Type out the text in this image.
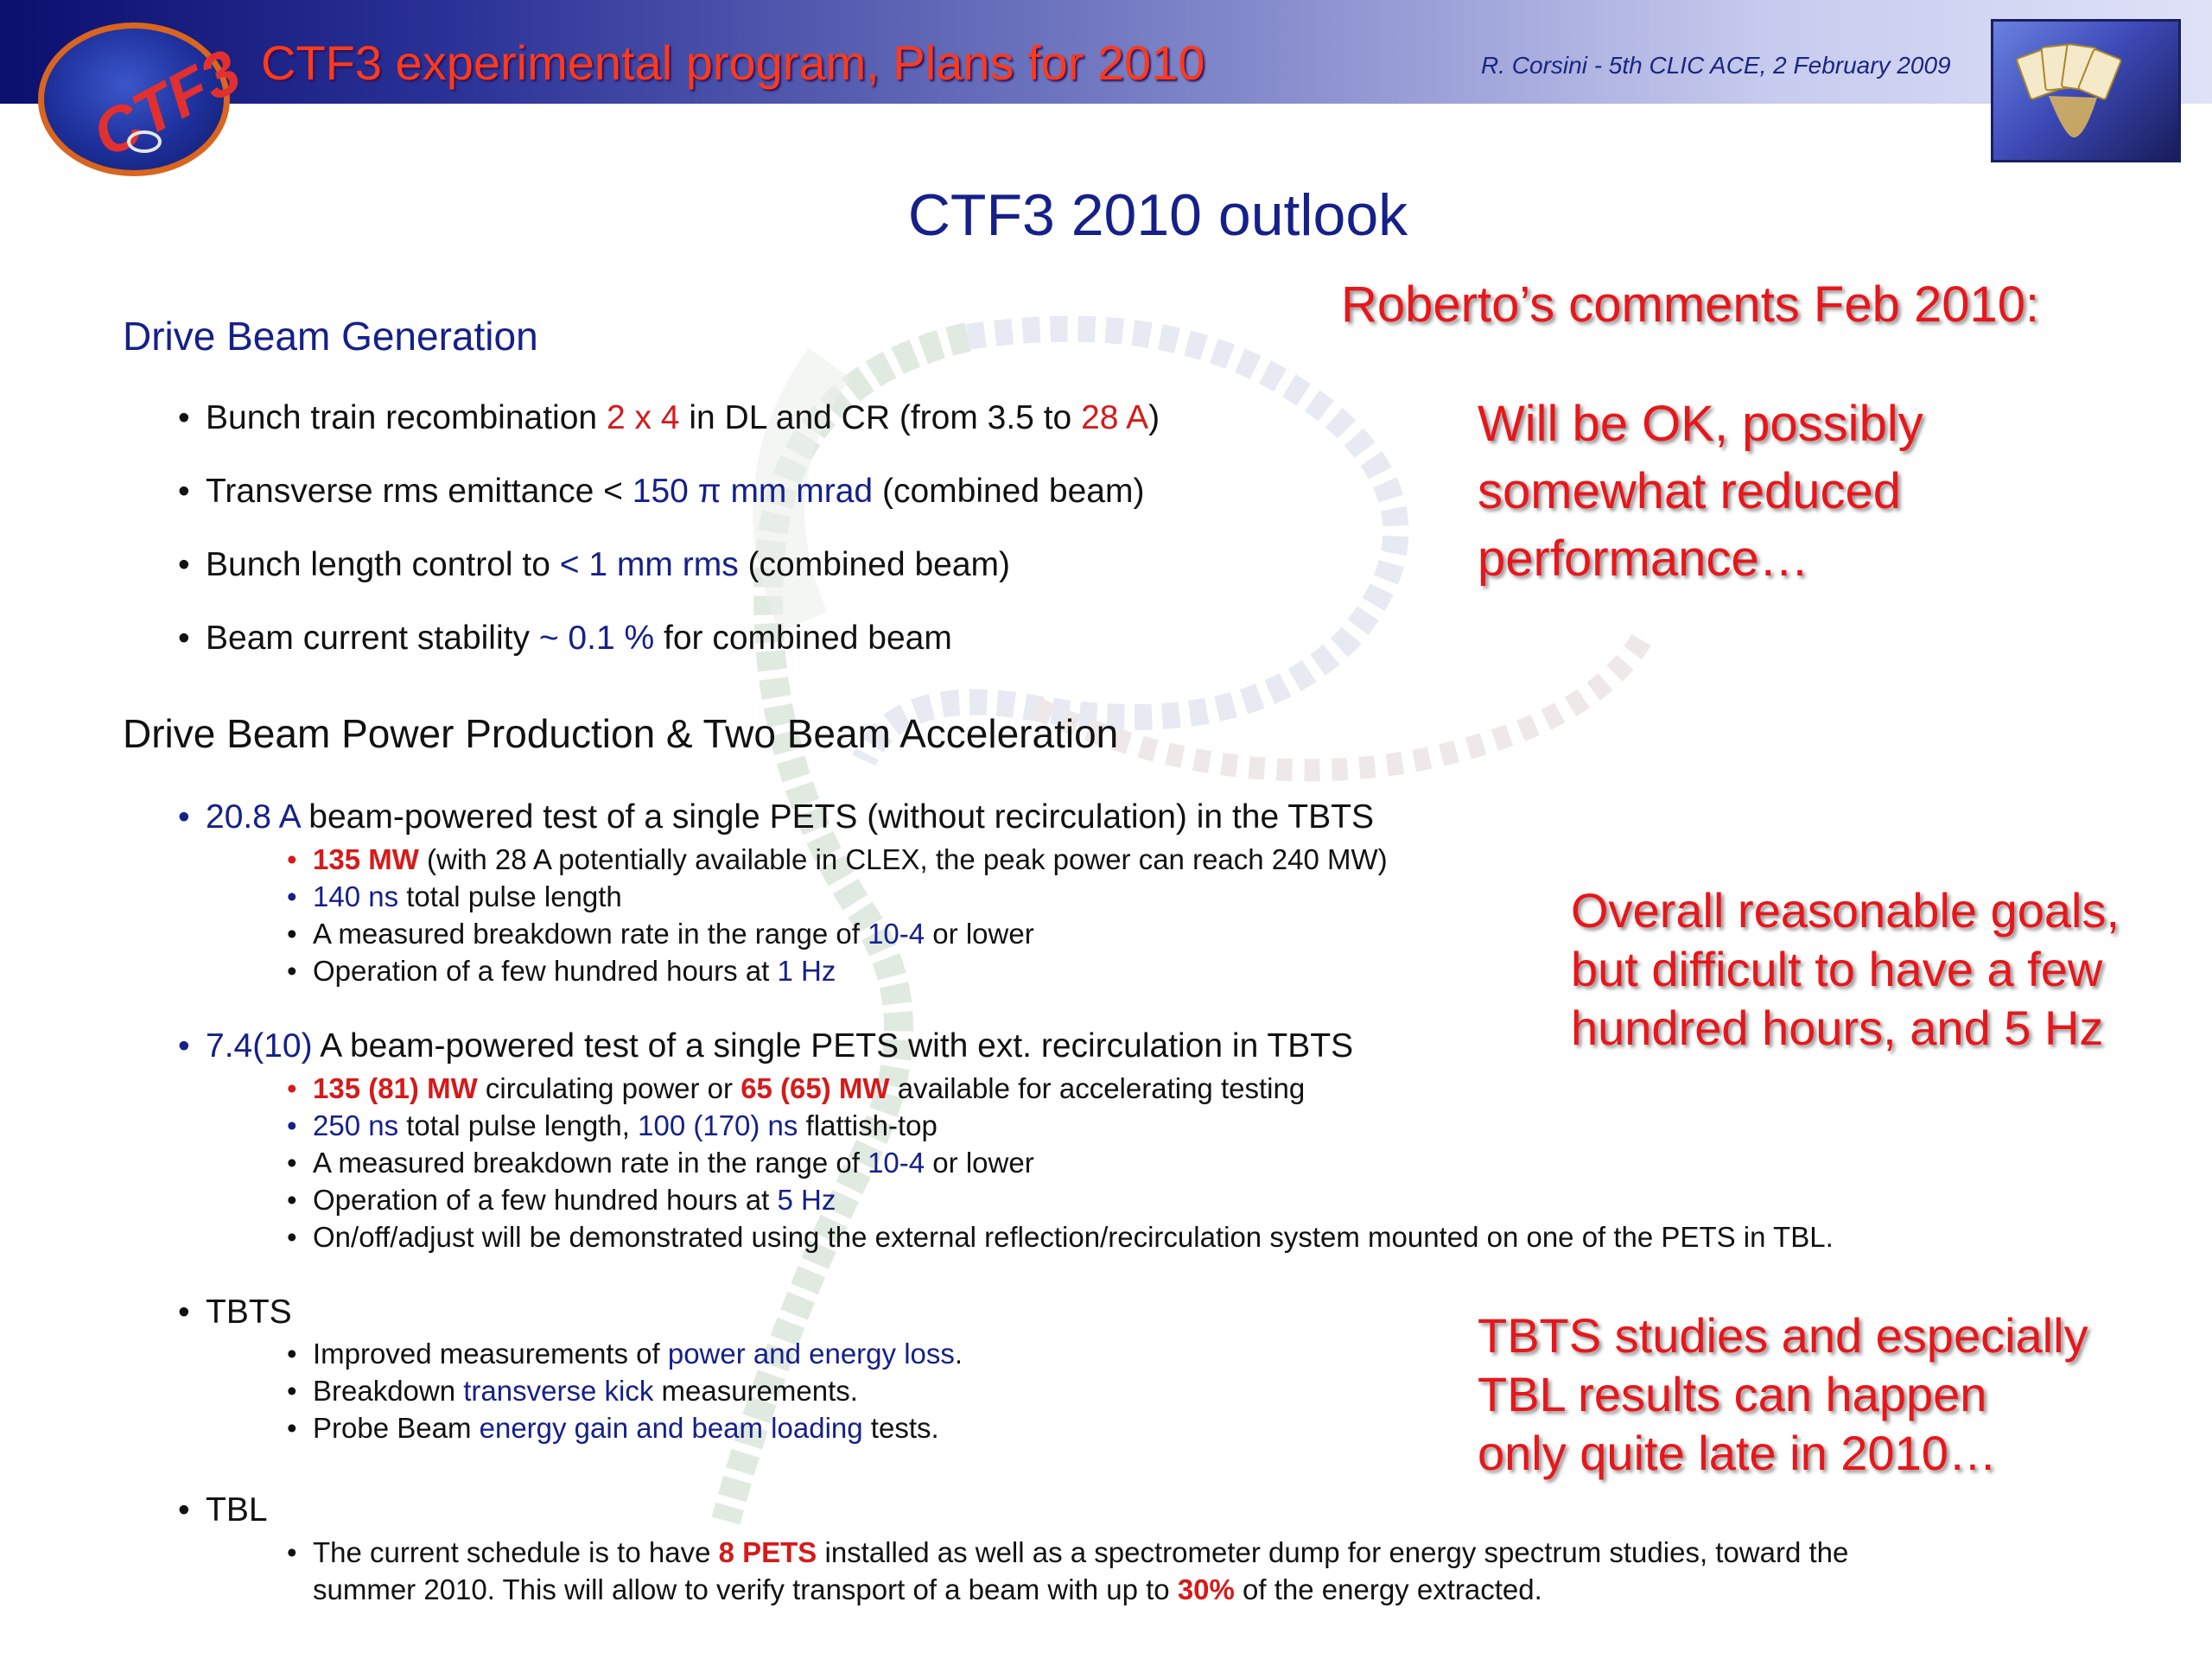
CTF3 CTF3 experimental program, Plans for 2010	R. Corsini - 5th CLIC ACE, 2 February 2009
CTF3 2010 outlook
Drive Beam Generation
• Bunch train recombination 2 x 4 in DL and CR (from 3.5 to 28 A)
• Transverse rms emittance < 150 π mm mrad (combined beam)
• Bunch length control to < 1 mm rms (combined beam)
• Beam current stability ~ 0.1 % for combined beam
Drive Beam Power Production & Two Beam Acceleration
• 20.8 A beam-powered test of a single PETS (without recirculation) in the TBTS
• 135 MW (with 28 A potentially available in CLEX, the peak power can reach 240 MW)
• 140 ns total pulse length
• A measured breakdown rate in the range of 10-4 or lower
• Operation of a few hundred hours at 1 Hz
• 7.4(10) A beam-powered test of a single PETS with ext. recirculation in TBTS
• 135 (81) MW circulating power or 65 (65) MW available for accelerating testing
• 250 ns total pulse length, 100 (170) ns flattish-top
• A measured breakdown rate in the range of 10-4 or lower
• Operation of a few hundred hours at 5 Hz
• On/off/adjust will be demonstrated using the external reflection/recirculation system mounted on one of the PETS in TBL.
• TBTS
• Improved measurements of power and energy loss.
• Breakdown transverse kick measurements.
• Probe Beam energy gain and beam loading tests.
• TBL
• The current schedule is to have 8 PETS installed as well as a spectrometer dump for energy spectrum studies, toward the
summer 2010. This will allow to verify transport of a beam with up to 30% of the energy extracted.
Roberto’s comments Feb 2010:
Will be OK, possibly
somewhat reduced
performance…
Overall reasonable goals,
but difficult to have a few
hundred hours, and 5 Hz
TBTS studies and especially
TBL results can happen
only quite late in 2010…
